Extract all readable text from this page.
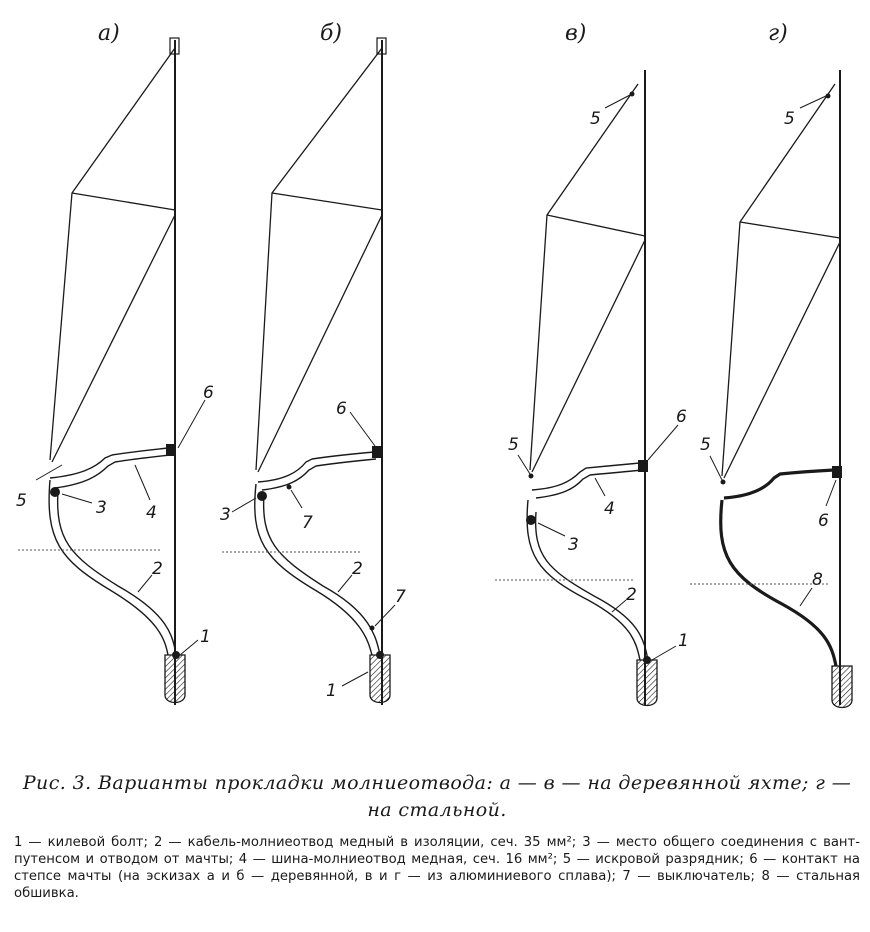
а)
5	3 4
6
2
1
б)
3	7
6
2
7
1
в)
5
5
6
4
3
2
1
г)
5
5
6
8

Рис. 3. Варианты прокладки молниеотвода: а — в — на деревянной яхте; г — на стальной.

1 — килевой болт; 2 — кабель-молниеотвод медный в изоляции, сеч. 35 мм²; 3 — место общего соединения с вант-путенсом и отводом от мачты; 4 — шина-молниеотвод медная, сеч. 16 мм²; 5 — искровой разрядник; 6 — контакт на степсе мачты (на эскизах а и б — деревянной, в и г — из алюминиевого сплава); 7 — выключатель; 8 — стальная обшивка.
